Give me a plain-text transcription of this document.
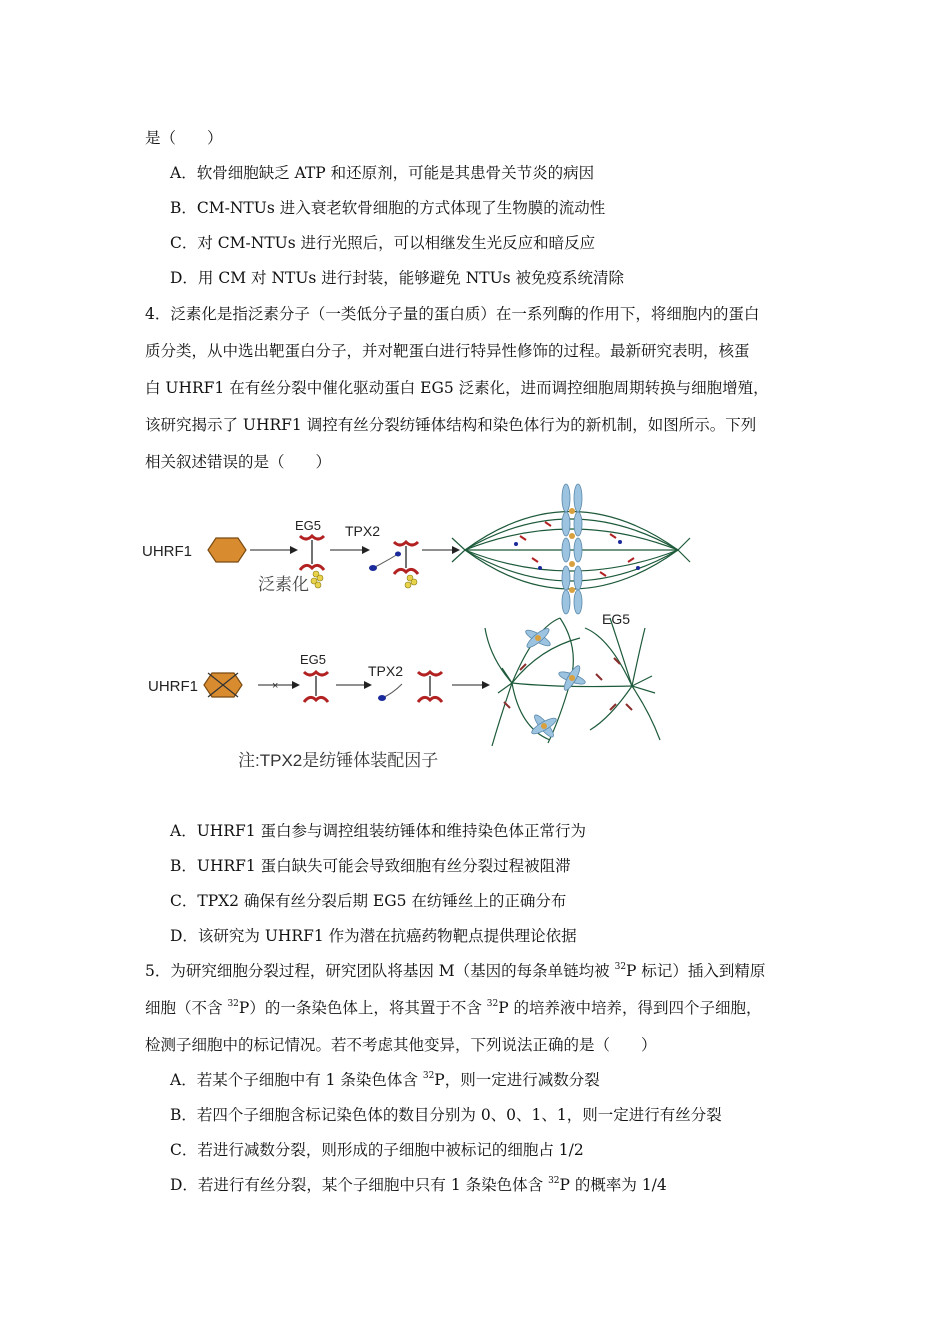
是（　　）
A．软骨细胞缺乏 ATP 和还原剂，可能是其患骨关节炎的病因
B．CM-NTUs 进入衰老软骨细胞的方式体现了生物膜的流动性
C．对 CM-NTUs 进行光照后，可以相继发生光反应和暗反应
D．用 CM 对 NTUs 进行封装，能够避免 NTUs 被免疫系统清除
4．泛素化是指泛素分子（一类低分子量的蛋白质）在一系列酶的作用下，将细胞内的蛋白
质分类，从中选出靶蛋白分子，并对靶蛋白进行特异性修饰的过程。最新研究表明，核蛋
白 UHRF1 在有丝分裂中催化驱动蛋白 EG5 泛素化，进而调控细胞周期转换与细胞增殖，
该研究揭示了 UHRF1 调控有丝分裂纺锤体结构和染色体行为的新机制，如图所示。下列
相关叙述错误的是（　　）
UHRF1
EG5
泛素化
TPX2
UHRF1	×
EG5
TPX2
EG5
注:TPX2是纺锤体装配因子
A．UHRF1 蛋白参与调控组装纺锤体和维持染色体正常行为
B．UHRF1 蛋白缺失可能会导致细胞有丝分裂过程被阻滞
C．TPX2 确保有丝分裂后期 EG5 在纺锤丝上的正确分布
D．该研究为 UHRF1 作为潜在抗癌药物靶点提供理论依据
5．为研究细胞分裂过程，研究团队将基因 M（基因的每条单链均被 $^{32}$P 标记）插入到精原
细胞（不含 $^{32}$P）的一条染色体上，将其置于不含 $^{32}$P 的培养液中培养，得到四个子细胞，
检测子细胞中的标记情况。若不考虑其他变异，下列说法正确的是（　　）
A．若某个子细胞中有 1 条染色体含 $^{32}$P，则一定进行减数分裂
B．若四个子细胞含标记染色体的数目分别为 0、0、1、1，则一定进行有丝分裂
C．若进行减数分裂，则形成的子细胞中被标记的细胞占 1/2
D．若进行有丝分裂，某个子细胞中只有 1 条染色体含 $^{32}$P 的概率为 1/4
